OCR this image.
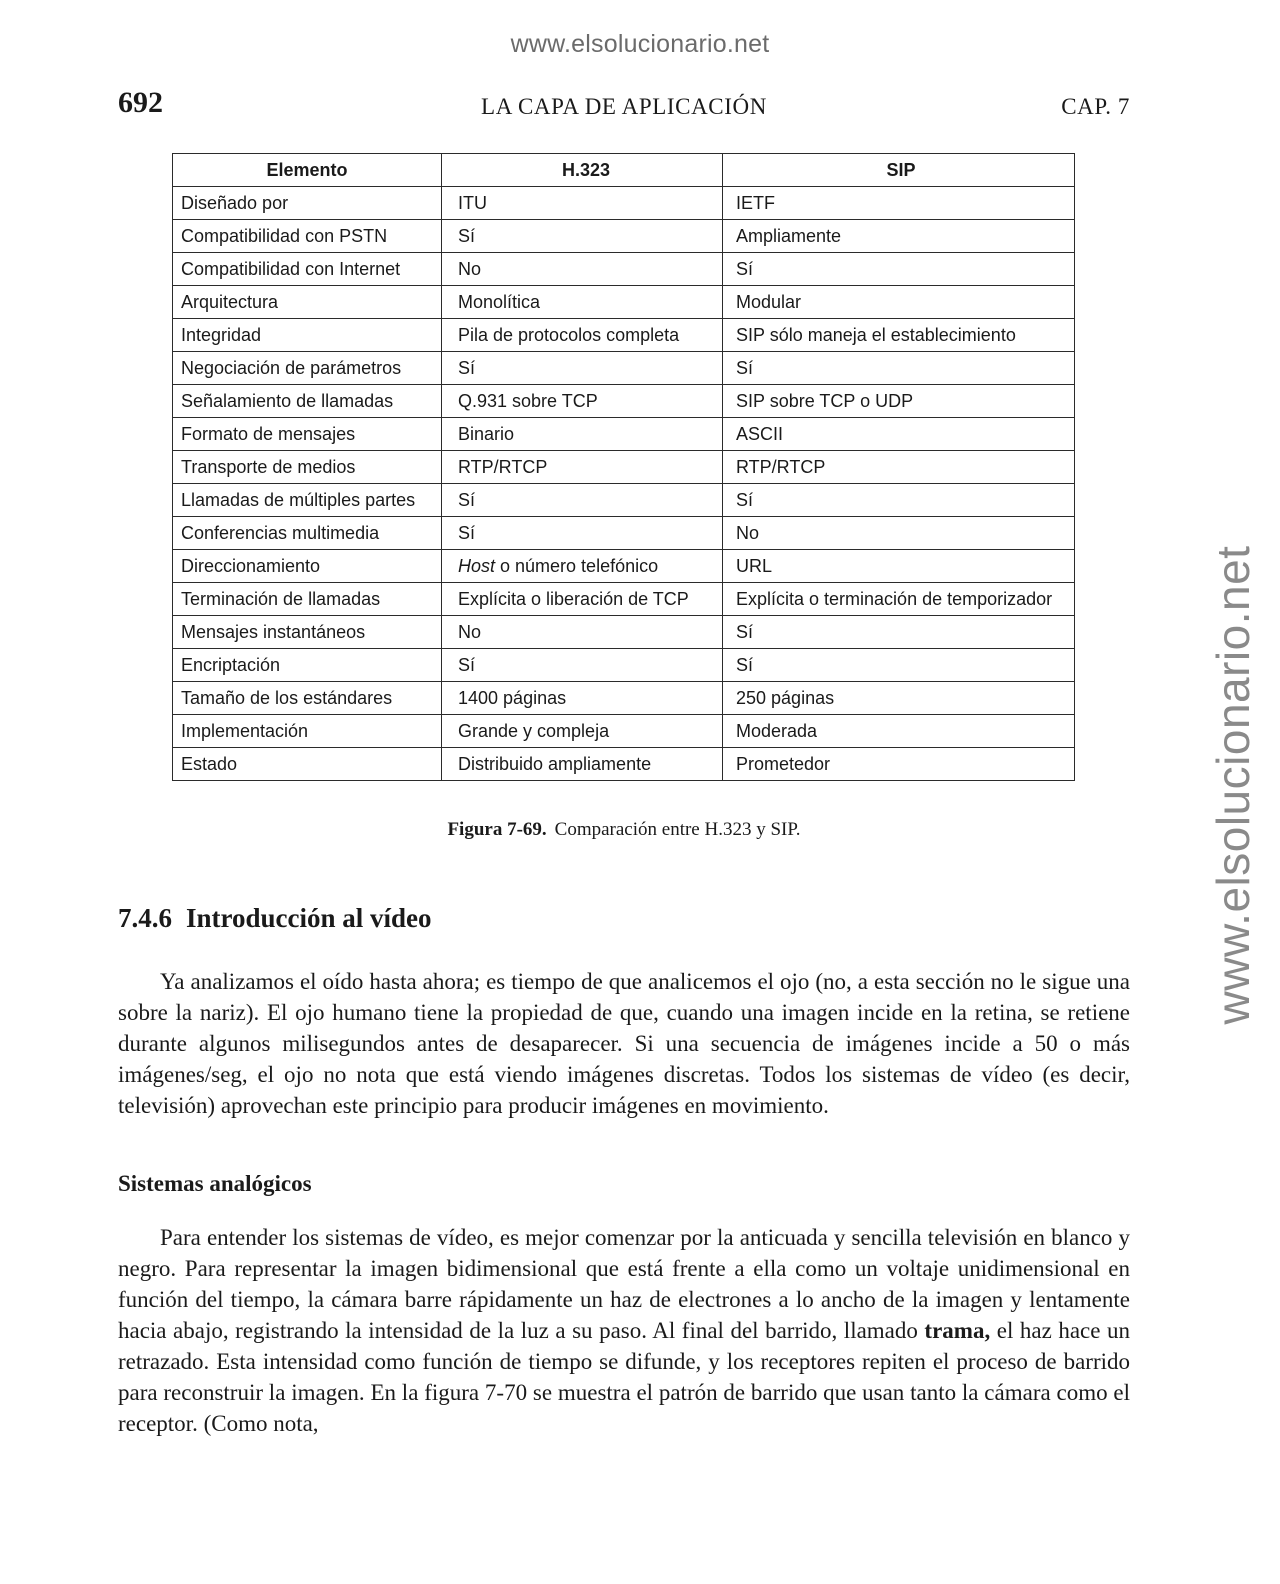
www.elsolucionario.net
www.elsolucionario.net
692	LA CAPA DE APLICACIÓN	CAP. 7
Elemento	H.323	SIP
Diseñado por	ITU	IETF
Compatibilidad con PSTN	Sí	Ampliamente
Compatibilidad con Internet	No	Sí
Arquitectura	Monolítica	Modular
Integridad	Pila de protocolos completa	SIP sólo maneja el establecimiento
Negociación de parámetros	Sí	Sí
Señalamiento de llamadas	Q.931 sobre TCP	SIP sobre TCP o UDP
Formato de mensajes	Binario	ASCII
Transporte de medios	RTP/RTCP	RTP/RTCP
Llamadas de múltiples partes	Sí	Sí
Conferencias multimedia	Sí	No
Direccionamiento	Host o número telefónico	URL
Terminación de llamadas	Explícita o liberación de TCP	Explícita o terminación de temporizador
Mensajes instantáneos	No	Sí
Encriptación	Sí	Sí
Tamaño de los estándares	1400 páginas	250 páginas
Implementación	Grande y compleja	Moderada
Estado	Distribuido ampliamente	Prometedor
Figura 7-69. Comparación entre H.323 y SIP.
7.4.6 Introducción al vídeo

Ya analizamos el oído hasta ahora; es tiempo de que analicemos el ojo (no, a esta sección no le sigue una sobre la nariz). El ojo humano tiene la propiedad de que, cuando una imagen incide en la retina, se retiene durante algunos milisegundos antes de desaparecer. Si una secuencia de imágenes incide a 50 o más imágenes/seg, el ojo no nota que está viendo imágenes discretas. Todos los sistemas de vídeo (es decir, televisión) aprovechan este principio para producir imágenes en movimiento.

Sistemas analógicos

Para entender los sistemas de vídeo, es mejor comenzar por la anticuada y sencilla televisión en blanco y negro. Para representar la imagen bidimensional que está frente a ella como un voltaje unidimensional en función del tiempo, la cámara barre rápidamente un haz de electrones a lo ancho de la imagen y lentamente hacia abajo, registrando la intensidad de la luz a su paso. Al final del barrido, llamado trama, el haz hace un retrazado. Esta intensidad como función de tiempo se difunde, y los receptores repiten el proceso de barrido para reconstruir la imagen. En la figura 7-70 se muestra el patrón de barrido que usan tanto la cámara como el receptor. (Como nota,
